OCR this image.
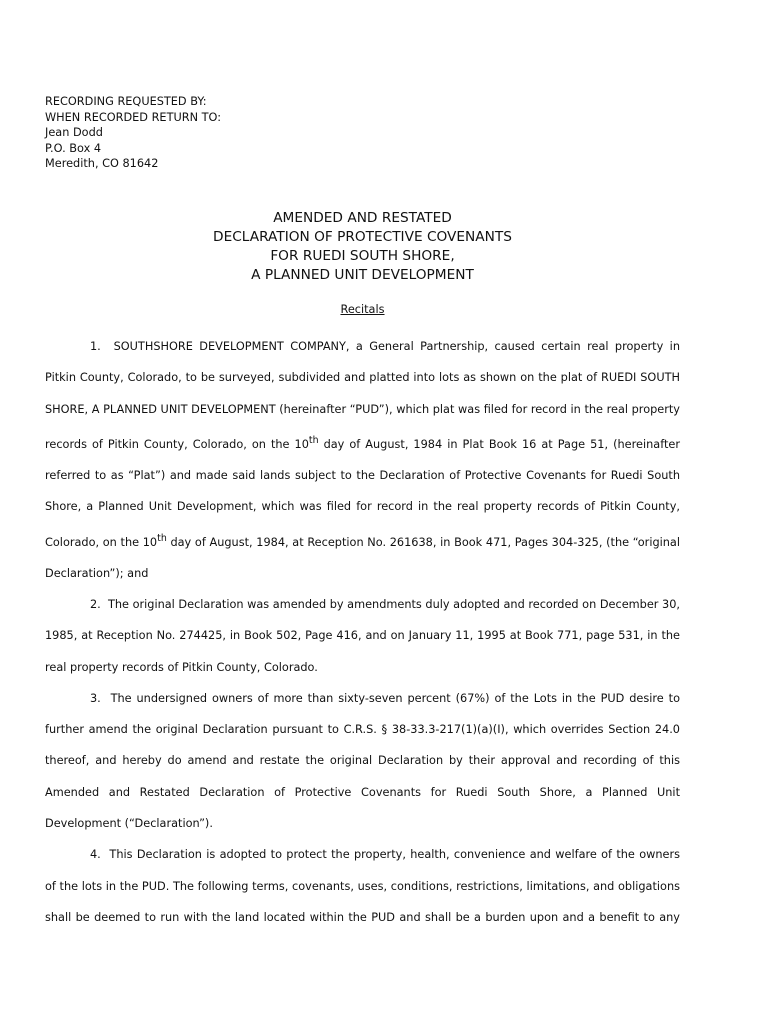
RECORDING REQUESTED BY:
WHEN RECORDED RETURN TO:
Jean Dodd
P.O. Box 4
Meredith, CO 81642
AMENDED AND RESTATED
DECLARATION OF PROTECTIVE COVENANTS
FOR RUEDI SOUTH SHORE,
A PLANNED UNIT DEVELOPMENT
Recitals

1. SOUTHSHORE DEVELOPMENT COMPANY, a General Partnership, caused certain real property in Pitkin County, Colorado, to be surveyed, subdivided and platted into lots as shown on the plat of RUEDI SOUTH SHORE, A PLANNED UNIT DEVELOPMENT (hereinafter “PUD”), which plat was filed for record in the real property records of Pitkin County, Colorado, on the 10th day of August, 1984 in Plat Book 16 at Page 51, (hereinafter referred to as “Plat”) and made said lands subject to the Declaration of Protective Covenants for Ruedi South Shore, a Planned Unit Development, which was filed for record in the real property records of Pitkin County, Colorado, on the 10th day of August, 1984, at Reception No. 261638, in Book 471, Pages 304-325, (the “original Declaration”); and

2. The original Declaration was amended by amendments duly adopted and recorded on December 30, 1985, at Reception No. 274425, in Book 502, Page 416, and on January 11, 1995 at Book 771, page 531, in the real property records of Pitkin County, Colorado.

3. The undersigned owners of more than sixty-seven percent (67%) of the Lots in the PUD desire to further amend the original Declaration pursuant to C.R.S. § 38-33.3-217(1)(a)(I), which overrides Section 24.0 thereof, and hereby do amend and restate the original Declaration by their approval and recording of this Amended and Restated Declaration of Protective Covenants for Ruedi South Shore, a Planned Unit Development (“Declaration”).

4. This Declaration is adopted to protect the property, health, convenience and welfare of the owners of the lots in the PUD. The following terms, covenants, uses, conditions, restrictions, limitations, and obligations shall be deemed to run with the land located within the PUD and shall be a burden upon and a benefit to any
